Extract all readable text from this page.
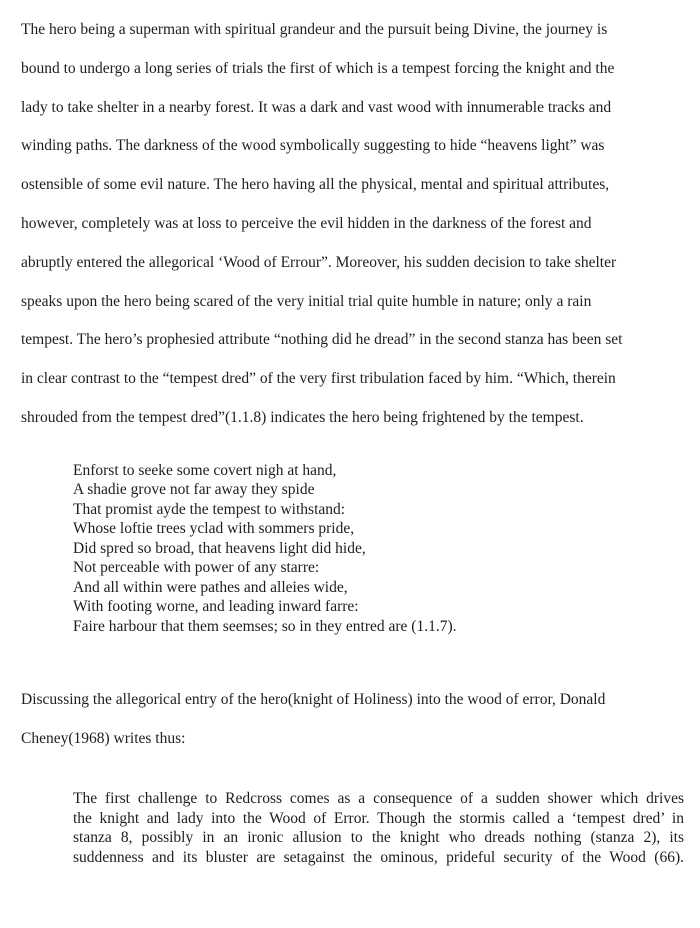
The hero being a superman with spiritual grandeur and the pursuit being Divine, the journey is
bound to undergo a long series of trials the first of which is a tempest forcing the knight and the
lady to take shelter in a nearby forest. It was a dark and vast wood with innumerable tracks and
winding paths. The darkness of the wood symbolically suggesting to hide “heavens light” was
ostensible of some evil nature. The hero having all the physical, mental and spiritual attributes,
however, completely was at loss to perceive the evil hidden in the darkness of the forest and
abruptly entered the allegorical ‘Wood of Errour”. Moreover, his sudden decision to take shelter
speaks upon the hero being scared of the very initial trial quite humble in nature; only a rain
tempest. The hero’s prophesied attribute “nothing did he dread” in the second stanza has been set
in clear contrast to the “tempest dred” of the very first tribulation faced by him. “Which, therein
shrouded from the tempest dred”(1.1.8) indicates the hero being frightened by the tempest.
Enforst to seeke some covert nigh at hand,
A shadie grove not far away they spide
That promist ayde the tempest to withstand:
Whose loftie trees yclad with sommers pride,
Did spred so broad, that heavens light did hide,
Not perceable with power of any starre:
And all within were pathes and alleies wide,
With footing worne, and leading inward farre:
Faire harbour that them seemses; so in they entred are (1.1.7).
Discussing the allegorical entry of the hero(knight of Holiness) into the wood of error, Donald
Cheney(1968) writes thus:
The first challenge to Redcross comes as a consequence of a sudden shower which drives
the knight and lady into the Wood of Error. Though the stormis called a ‘tempest dred’ in
stanza 8, possibly in an ironic allusion to the knight who dreads nothing (stanza 2), its
suddenness and its bluster are setagainst the ominous, prideful security of the Wood (66).
